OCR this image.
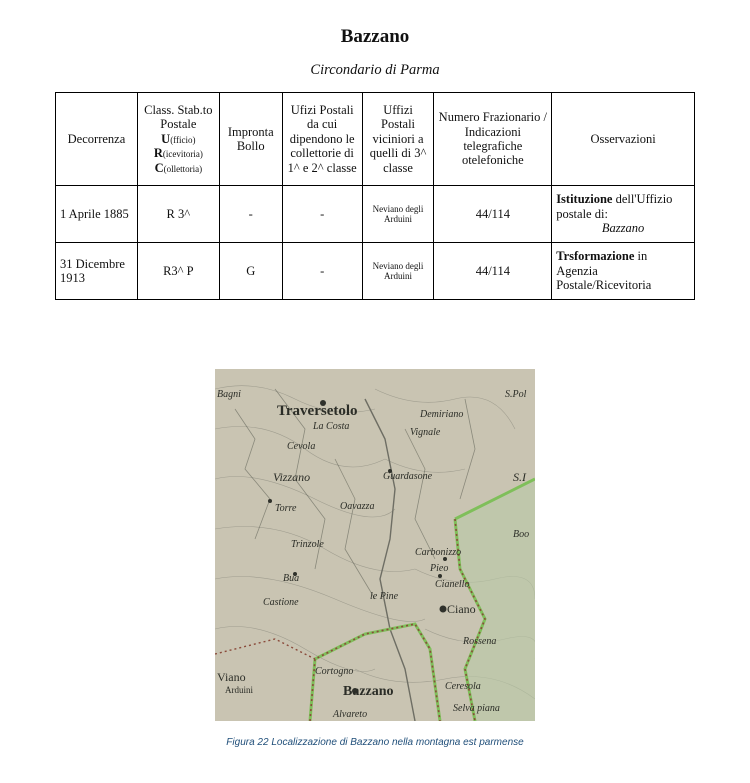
Bazzano
Circondario di Parma
Decorrenza	Class. Stab.to
Postale
U(fficio)
R(icevitoria)
C(ollettoria)	Impronta Bollo	Ufizi Postali da cui dipendono le collettorie di 1^ e 2^ classe	Uffizi Postali viciniori a quelli di 3^ classe	Numero Frazionario / Indicazioni telegrafiche otelefoniche	Osservazioni
1 Aprile 1885	R 3^	-	-	Neviano degli Arduini	44/114	Istituzione dell'Uffizio postale di:

Bazzano

31 Dicembre 1913	R3^ P	G	-	Neviano degli Arduini	44/114	Trsformazione in Agenzia Postale/Ricevitoria
Bagni
Traversetolo
La Costa
Cevola
Demiriano
Vignale
S.Pol
S.I
Guardasone
Vizzano
Oavazza
Torre
Trinzole
Carbonizzo
Pieo
Cianello
Ciano
Bua
Castione
le Pine
Rossena
Cortogno
Bazzano	Ceresola
Selva piana
Alvareto
Viano
Arduini
Boo
Figura 22 Localizzazione di Bazzano nella montagna est parmense
